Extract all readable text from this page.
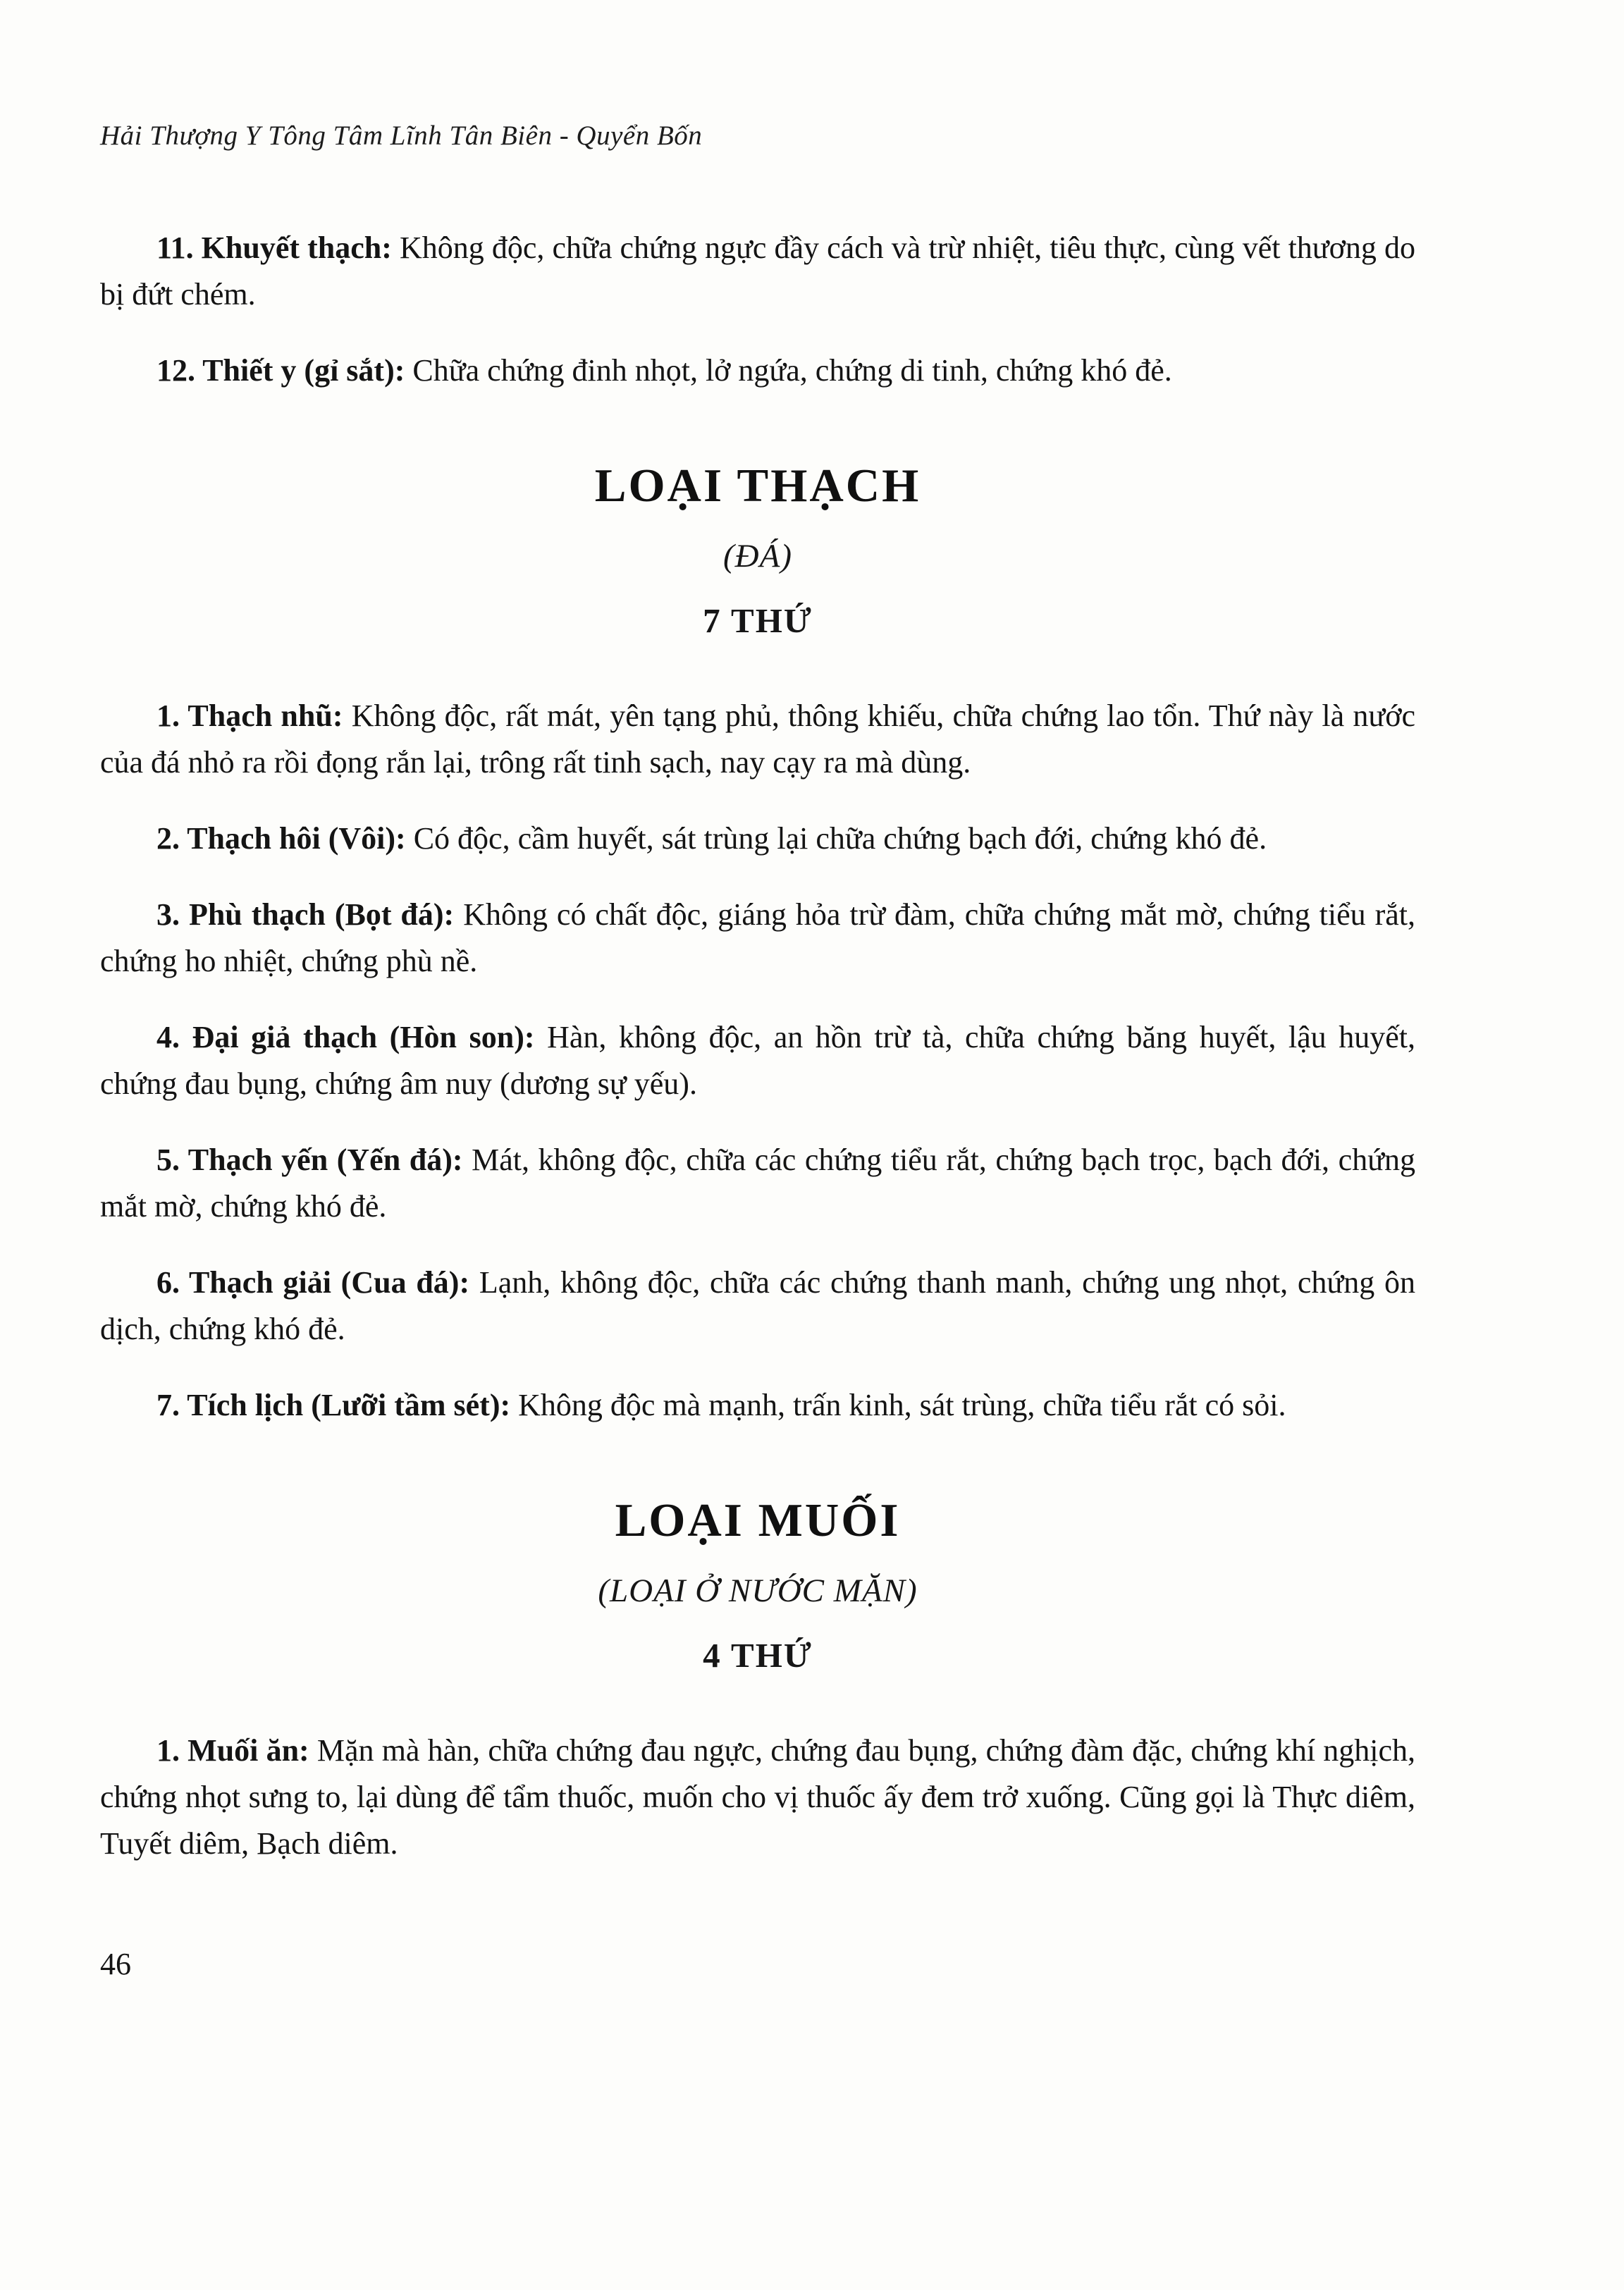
Hải Thượng Y Tông Tâm Lĩnh Tân Biên - Quyển Bốn

11. Khuyết thạch: Không độc, chữa chứng ngực đầy cách và trừ nhiệt, tiêu thực, cùng vết thương do bị đứt chém.

12. Thiết y (gỉ sắt): Chữa chứng đinh nhọt, lở ngứa, chứng di tinh, chứng khó đẻ.

LOẠI THẠCH
(ĐÁ)
7 THỨ

1. Thạch nhũ: Không độc, rất mát, yên tạng phủ, thông khiếu, chữa chứng lao tổn. Thứ này là nước của đá nhỏ ra rồi đọng rắn lại, trông rất tinh sạch, nay cạy ra mà dùng.

2. Thạch hôi (Vôi): Có độc, cầm huyết, sát trùng lại chữa chứng bạch đới, chứng khó đẻ.

3. Phù thạch (Bọt đá): Không có chất độc, giáng hỏa trừ đàm, chữa chứng mắt mờ, chứng tiểu rắt, chứng ho nhiệt, chứng phù nề.

4. Đại giả thạch (Hòn son): Hàn, không độc, an hồn trừ tà, chữa chứng băng huyết, lậu huyết, chứng đau bụng, chứng âm nuy (dương sự yếu).

5. Thạch yến (Yến đá): Mát, không độc, chữa các chứng tiểu rắt, chứng bạch trọc, bạch đới, chứng mắt mờ, chứng khó đẻ.

6. Thạch giải (Cua đá): Lạnh, không độc, chữa các chứng thanh manh, chứng ung nhọt, chứng ôn dịch, chứng khó đẻ.

7. Tích lịch (Lưỡi tầm sét): Không độc mà mạnh, trấn kinh, sát trùng, chữa tiểu rắt có sỏi.

LOẠI MUỐI
(LOẠI Ở NƯỚC MẶN)
4 THỨ

1. Muối ăn: Mặn mà hàn, chữa chứng đau ngực, chứng đau bụng, chứng đàm đặc, chứng khí nghịch, chứng nhọt sưng to, lại dùng để tẩm thuốc, muốn cho vị thuốc ấy đem trở xuống. Cũng gọi là Thực diêm, Tuyết diêm, Bạch diêm.

46
